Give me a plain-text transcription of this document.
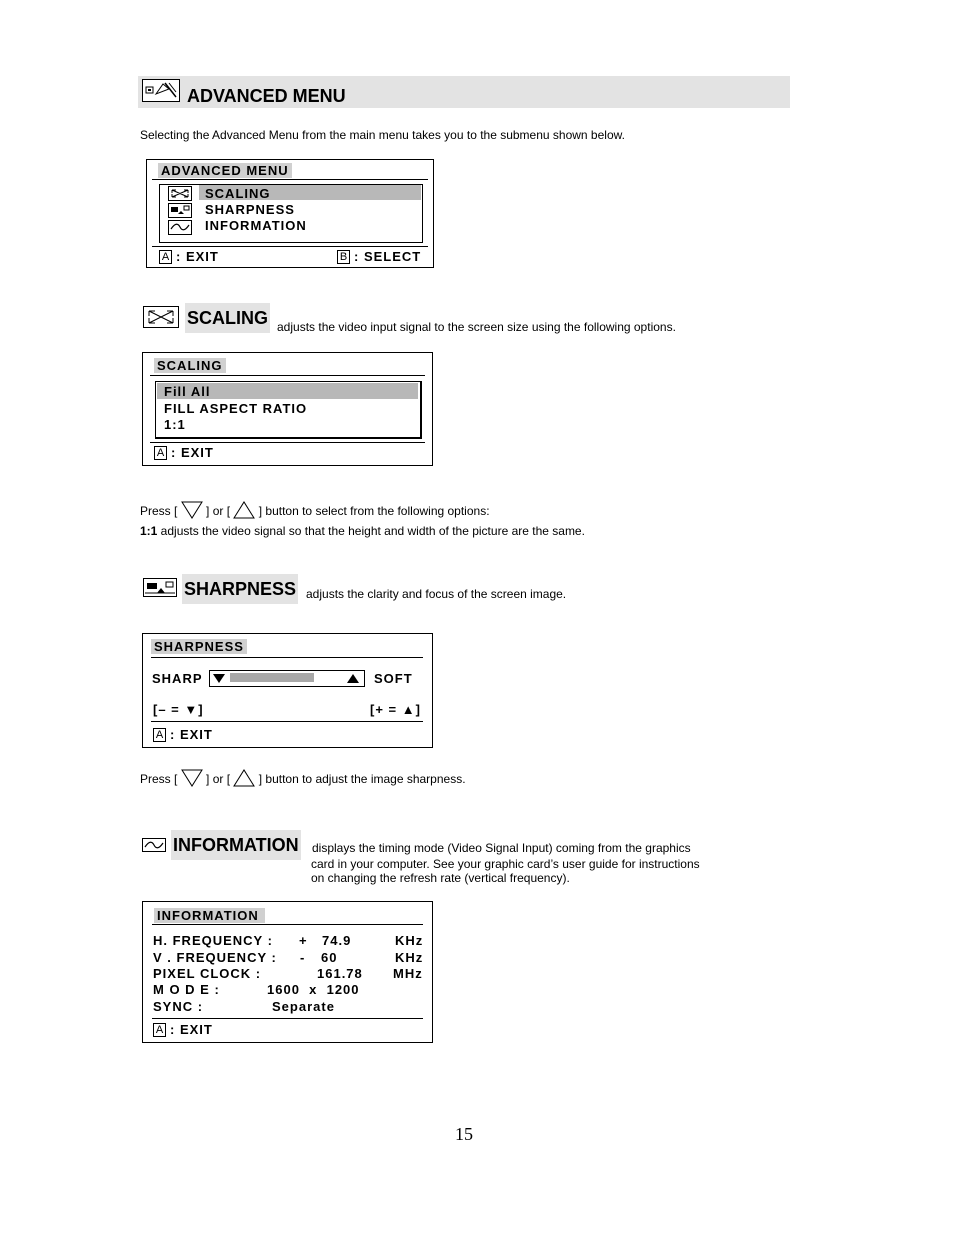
ADVANCED MENU
Selecting the Advanced Menu from the main menu takes you to the submenu shown below.
ADVANCED MENU
SCALING
SHARPNESS
INFORMATION
A : EXIT	B : SELECT
SCALING adjusts the video input signal to the screen size using the following options.
SCALING
Fill All
FILL ASPECT RATIO
1:1
A : EXIT
Press [ ] or [ ] button to select from the following options:
1:1 adjusts the video signal so that the height and width of the picture are the same.
SHARPNESS adjusts the clarity and focus of the screen image.
SHARPNESS
SHARP	SOFT
[– = ▼]	[+ = ▲]
A : EXIT
Press [ ] or [ ] button to adjust the image sharpness.
INFORMATION displays the timing mode (Video Signal Input) coming from the graphics
card in your computer. See your graphic card’s user guide for instructions
on changing the refresh rate (vertical frequency).
INFORMATION
H. FREQUENCY : + 74.9	KHz
V . FREQUENCY : - 60	KHz
PIXEL CLOCK :	161.78 MHz
M O D E :	1600  x  1200
SYNC :	Separate
A : EXIT
15
